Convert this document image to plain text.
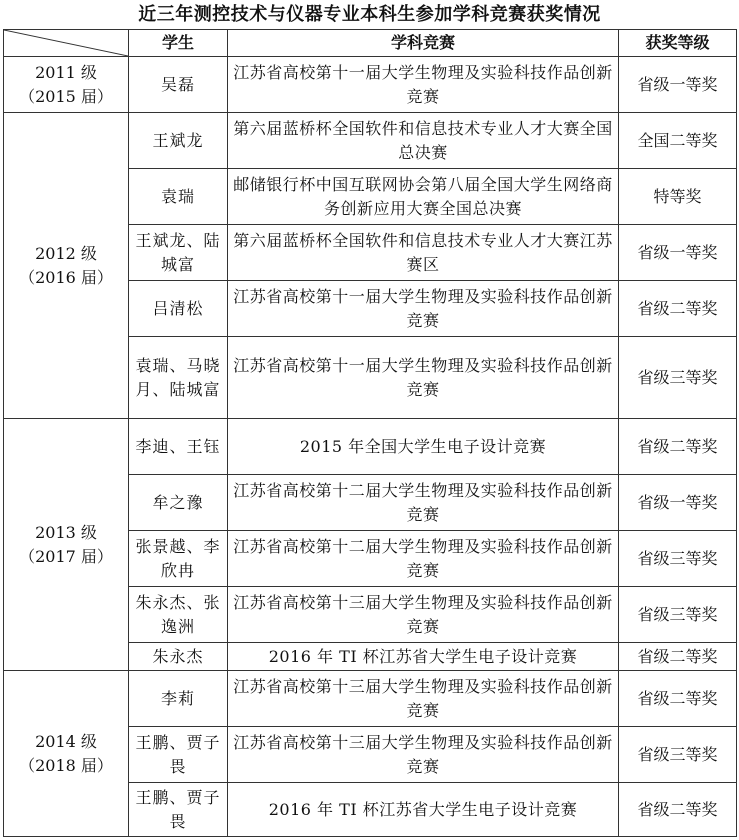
近三年测控技术与仪器专业本科生参加学科竞赛获奖情况
	学生	学科竞赛	获奖等级

2011 级
（2015 届）	吴磊	江苏省高校第十一届大学生物理及实验科技作品创新竞赛	省级一等奖

2012 级
（2016 届）	王斌龙	第六届蓝桥杯全国软件和信息技术专业人才大赛全国总决赛	全国二等奖
	袁瑞	邮储银行杯中国互联网协会第八届全国大学生网络商务创新应用大赛全国总决赛	特等奖
	王斌龙、陆城富	第六届蓝桥杯全国软件和信息技术专业人才大赛江苏赛区	省级一等奖
	吕清松	江苏省高校第十一届大学生物理及实验科技作品创新竞赛	省级二等奖
	袁瑞、马晓月、陆城富	江苏省高校第十一届大学生物理及实验科技作品创新竞赛	省级三等奖

2013 级
（2017 届）	李迪、王钰	2015 年全国大学生电子设计竞赛	省级二等奖
	牟之豫	江苏省高校第十二届大学生物理及实验科技作品创新竞赛	省级一等奖
	张景越、李欣冉	江苏省高校第十二届大学生物理及实验科技作品创新竞赛	省级三等奖
	朱永杰、张逸洲	江苏省高校第十三届大学生物理及实验科技作品创新竞赛	省级三等奖
	朱永杰	2016 年 TI 杯江苏省大学生电子设计竞赛	省级二等奖

2014 级
（2018 届）	李莉	江苏省高校第十三届大学生物理及实验科技作品创新竞赛	省级二等奖
	王鹏、贾子畏	江苏省高校第十三届大学生物理及实验科技作品创新竞赛	省级三等奖
	王鹏、贾子畏	2016 年 TI 杯江苏省大学生电子设计竞赛	省级二等奖
